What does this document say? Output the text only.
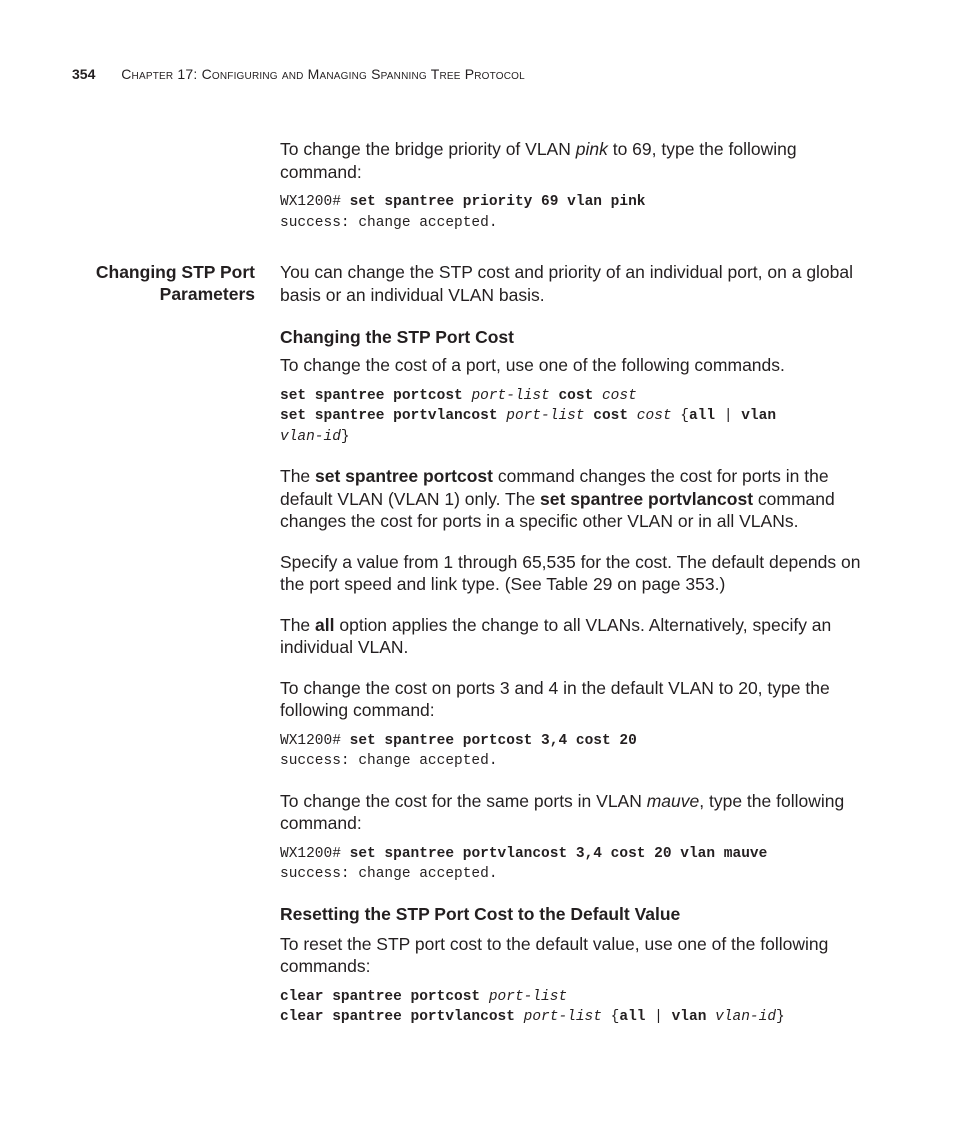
354 Chapter 17: Configuring and Managing Spanning Tree Protocol
Changing STP Port Parameters

To change the bridge priority of VLAN pink to 69, type the following command:

WX1200# set spantree priority 69 vlan pink
success: change accepted.

You can change the STP cost and priority of an individual port, on a global basis or an individual VLAN basis.

Changing the STP Port Cost

To change the cost of a port, use one of the following commands.

set spantree portcost port-list cost cost
set spantree portvlancost port-list cost cost {all | vlan
vlan-id}

The set spantree portcost command changes the cost for ports in the default VLAN (VLAN 1) only. The set spantree portvlancost command changes the cost for ports in a specific other VLAN or in all VLANs.

Specify a value from 1 through 65,535 for the cost. The default depends on the port speed and link type. (See Table 29 on page 353.)

The all option applies the change to all VLANs. Alternatively, specify an individual VLAN.

To change the cost on ports 3 and 4 in the default VLAN to 20, type the following command:

WX1200# set spantree portcost 3,4 cost 20
success: change accepted.

To change the cost for the same ports in VLAN mauve, type the following command:

WX1200# set spantree portvlancost 3,4 cost 20 vlan mauve
success: change accepted.
Resetting the STP Port Cost to the Default Value

To reset the STP port cost to the default value, use one of the following commands:

clear spantree portcost port-list
clear spantree portvlancost port-list {all | vlan vlan-id}
